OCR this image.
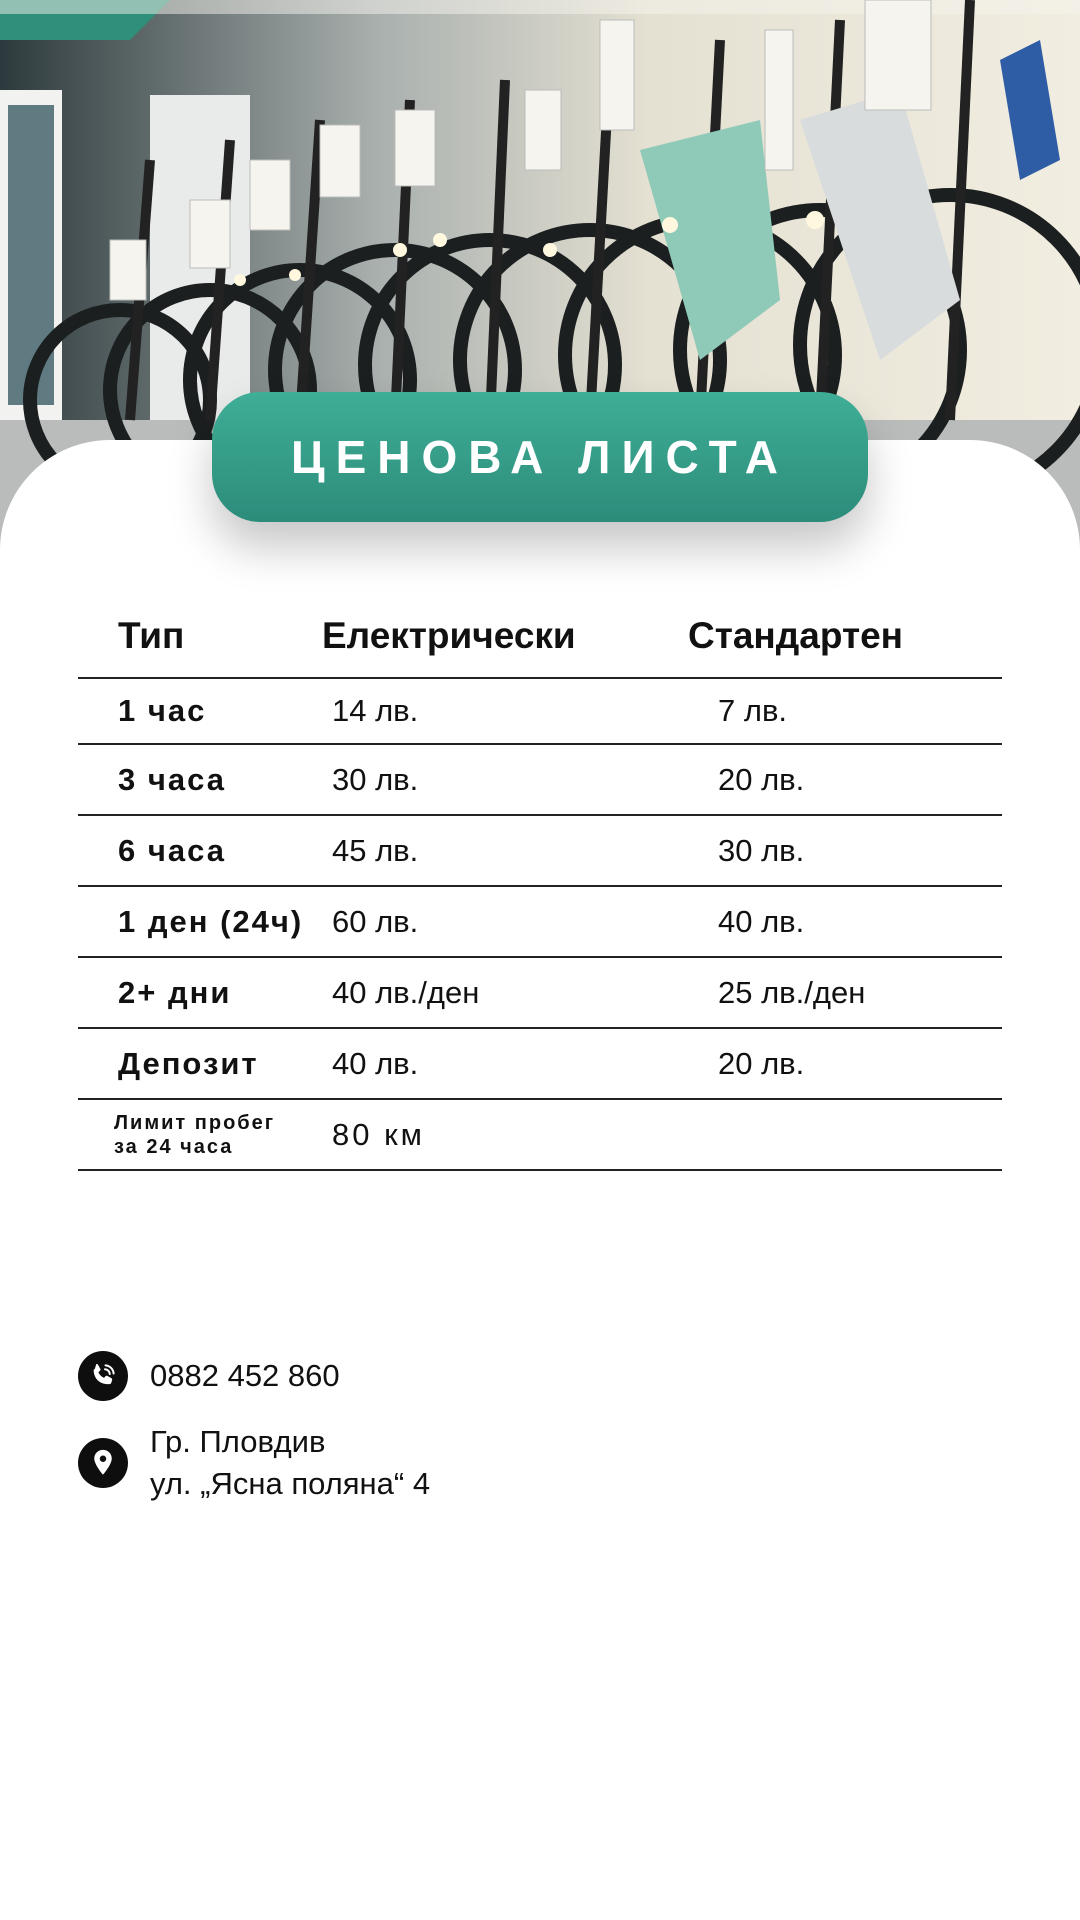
ЦЕНОВА ЛИСТА
Тип	Електрически	Стандартен
1 час	14 лв.	7 лв.
3 часа	30 лв.	20 лв.
6 часа	45 лв.	30 лв.
1 ден (24ч) 60 лв.	40 лв.
2+ дни	40 лв./ден	25 лв./ден
Депозит	40 лв.	20 лв.
Лимит пробег
за 24 часа	80 км
0882 452 860
Гр. Пловдив
ул. „Ясна поляна“ 4
